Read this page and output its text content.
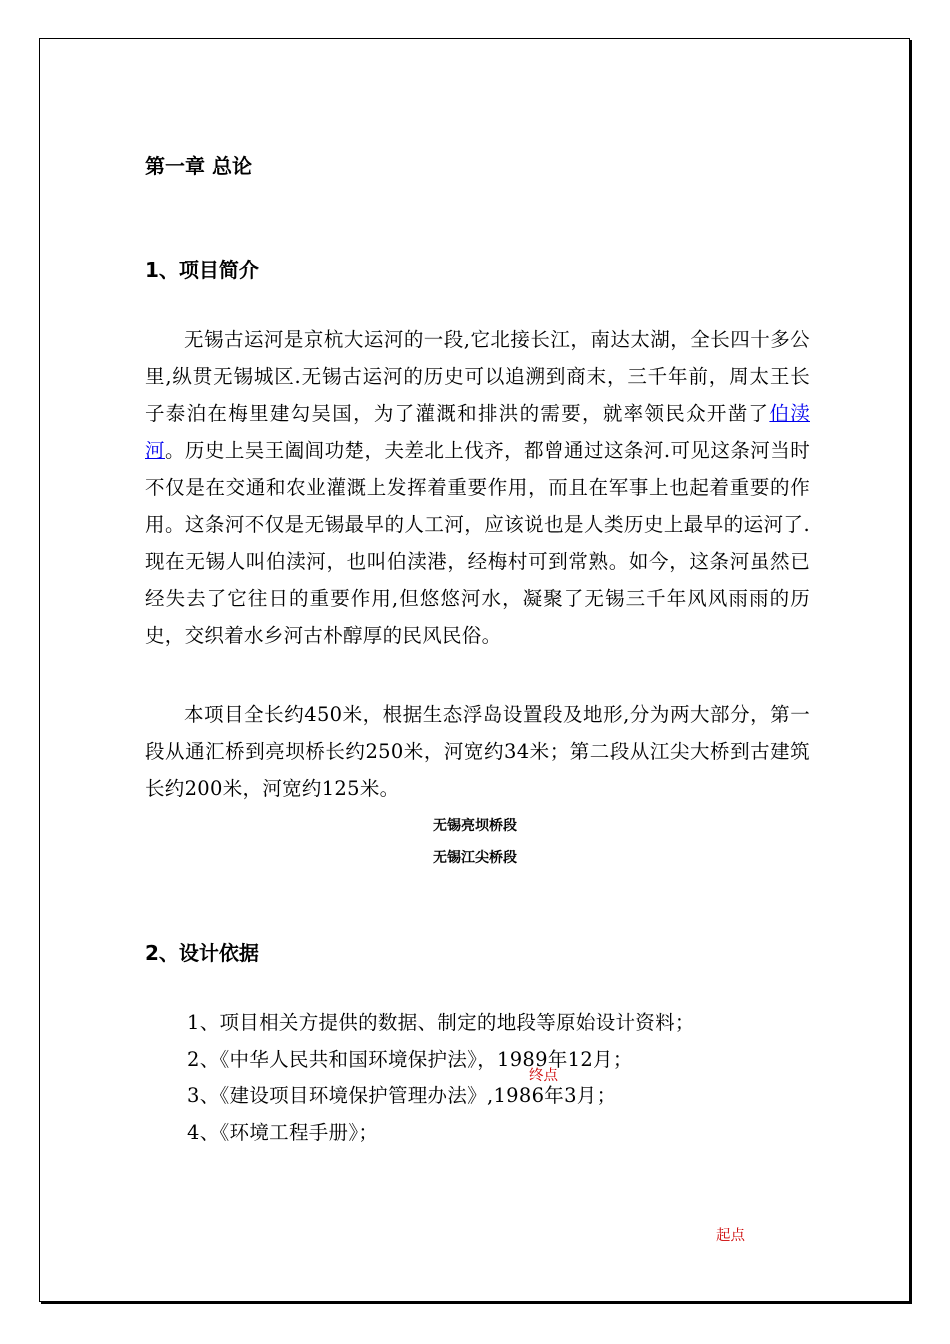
第一章 总论
1、项目简介

无锡古运河是京杭大运河的一段,它北接长江，南达太湖，全长四十多公里,纵贯无锡城区.无锡古运河的历史可以追溯到商末，三千年前，周太王长子泰泊在梅里建勾吴国，为了灌溉和排洪的需要，就率领民众开凿了伯渎河。历史上吴王阖闾功楚，夫差北上伐齐，都曾通过这条河.可见这条河当时不仅是在交通和农业灌溉上发挥着重要作用，而且在军事上也起着重要的作用。这条河不仅是无锡最早的人工河，应该说也是人类历史上最早的运河了.现在无锡人叫伯渎河，也叫伯渎港，经梅村可到常熟。如今，这条河虽然已经失去了它往日的重要作用,但悠悠河水，凝聚了无锡三千年风风雨雨的历史，交织着水乡河古朴醇厚的民风民俗。

本项目全长约450米，根据生态浮岛设置段及地形,分为两大部分，第一段从通汇桥到亮坝桥长约250米，河宽约34米；第二段从江尖大桥到古建筑长约200米，河宽约125米。

无锡亮坝桥段

无锡江尖桥段

2、设计依据
1、项目相关方提供的数据、制定的地段等原始设计资料；
2、《中华人民共和国环境保护法》，1989年12月；
3、《建设项目环境保护管理办法》,1986年3月；
4、《环境工程手册》；
终点
起点
